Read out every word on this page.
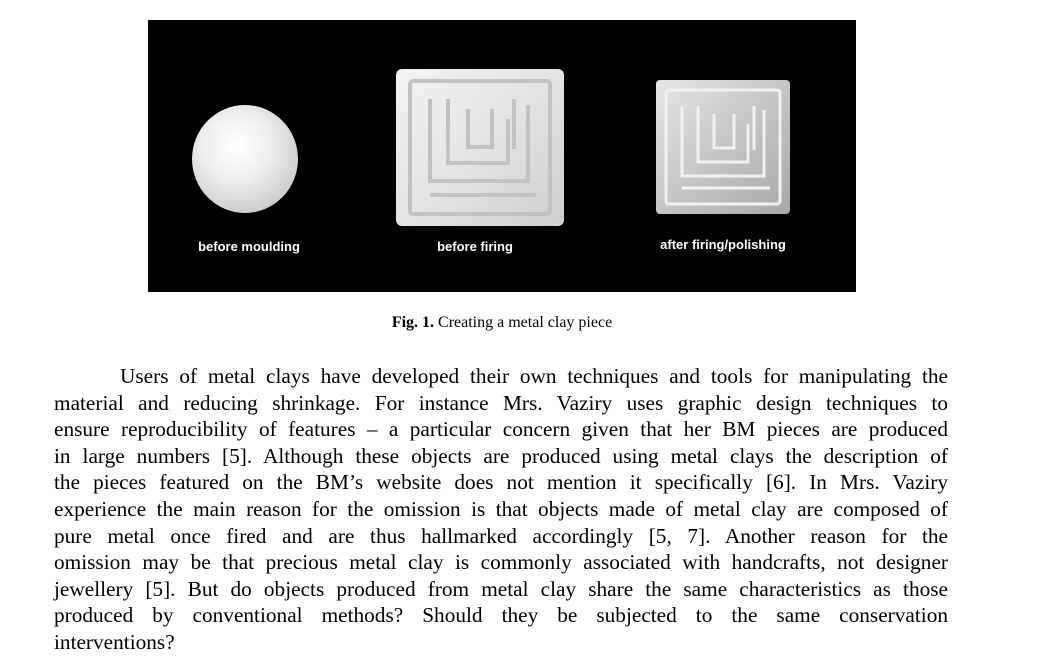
before moulding	before firing	after firing/polishing
Fig. 1. Creating a metal clay piece
Users of metal clays have developed their own techniques and tools for manipulating the
material and reducing shrinkage. For instance Mrs. Vaziry uses graphic design techniques to
ensure reproducibility of features – a particular concern given that her BM pieces are produced
in large numbers [5]. Although these objects are produced using metal clays the description of
the pieces featured on the BM’s website does not mention it specifically [6]. In Mrs. Vaziry
experience the main reason for the omission is that objects made of metal clay are composed of
pure metal once fired and are thus hallmarked accordingly [5, 7]. Another reason for the
omission may be that precious metal clay is commonly associated with handcrafts, not designer
jewellery [5]. But do objects produced from metal clay share the same characteristics as those
produced by conventional methods? Should they be subjected to the same conservation
interventions?
